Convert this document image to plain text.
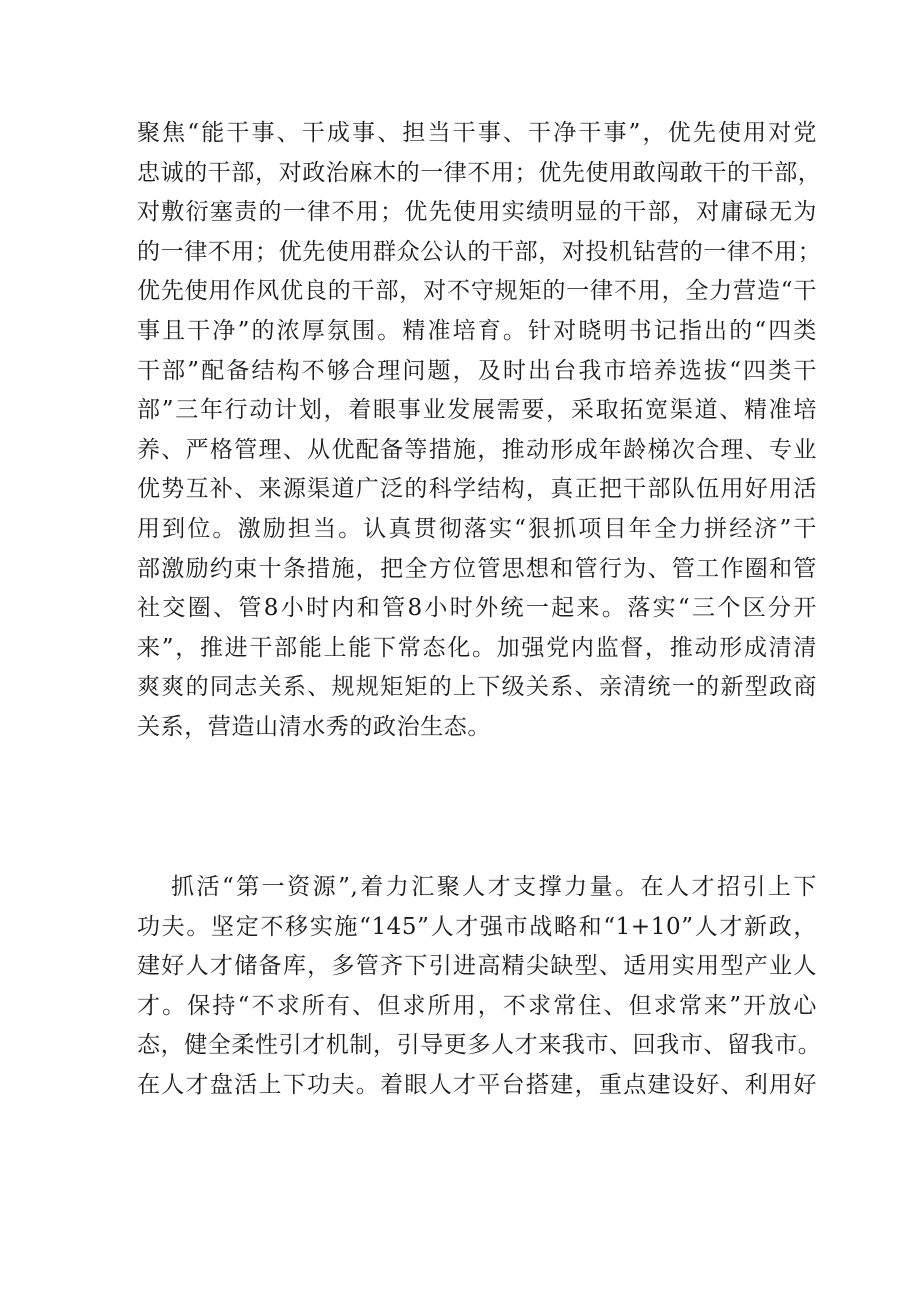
聚焦“能干事、干成事、担当干事、干净干事”，优先使用对党
忠诚的干部，对政治麻木的一律不用；优先使用敢闯敢干的干部，
对敷衍塞责的一律不用；优先使用实绩明显的干部，对庸碌无为
的一律不用；优先使用群众公认的干部，对投机钻营的一律不用；
优先使用作风优良的干部，对不守规矩的一律不用，全力营造“干
事且干净”的浓厚氛围。精准培育。针对晓明书记指出的“四类
干部”配备结构不够合理问题，及时出台我市培养选拔“四类干
部”三年行动计划，着眼事业发展需要，采取拓宽渠道、精准培
养、严格管理、从优配备等措施，推动形成年龄梯次合理、专业
优势互补、来源渠道广泛的科学结构，真正把干部队伍用好用活
用到位。激励担当。认真贯彻落实“狠抓项目年全力拼经济”干
部激励约束十条措施，把全方位管思想和管行为、管工作圈和管
社交圈、管8小时内和管8小时外统一起来。落实“三个区分开
来”，推进干部能上能下常态化。加强党内监督，推动形成清清
爽爽的同志关系、规规矩矩的上下级关系、亲清统一的新型政商
关系，营造山清水秀的政治生态。
抓活“第一资源”,着力汇聚人才支撑力量。在人才招引上下
功夫。坚定不移实施“145”人才强市战略和“1+10”人才新政，
建好人才储备库，多管齐下引进高精尖缺型、适用实用型产业人
才。保持“不求所有、但求所用，不求常住、但求常来”开放心
态，健全柔性引才机制，引导更多人才来我市、回我市、留我市。
在人才盘活上下功夫。着眼人才平台搭建，重点建设好、利用好
